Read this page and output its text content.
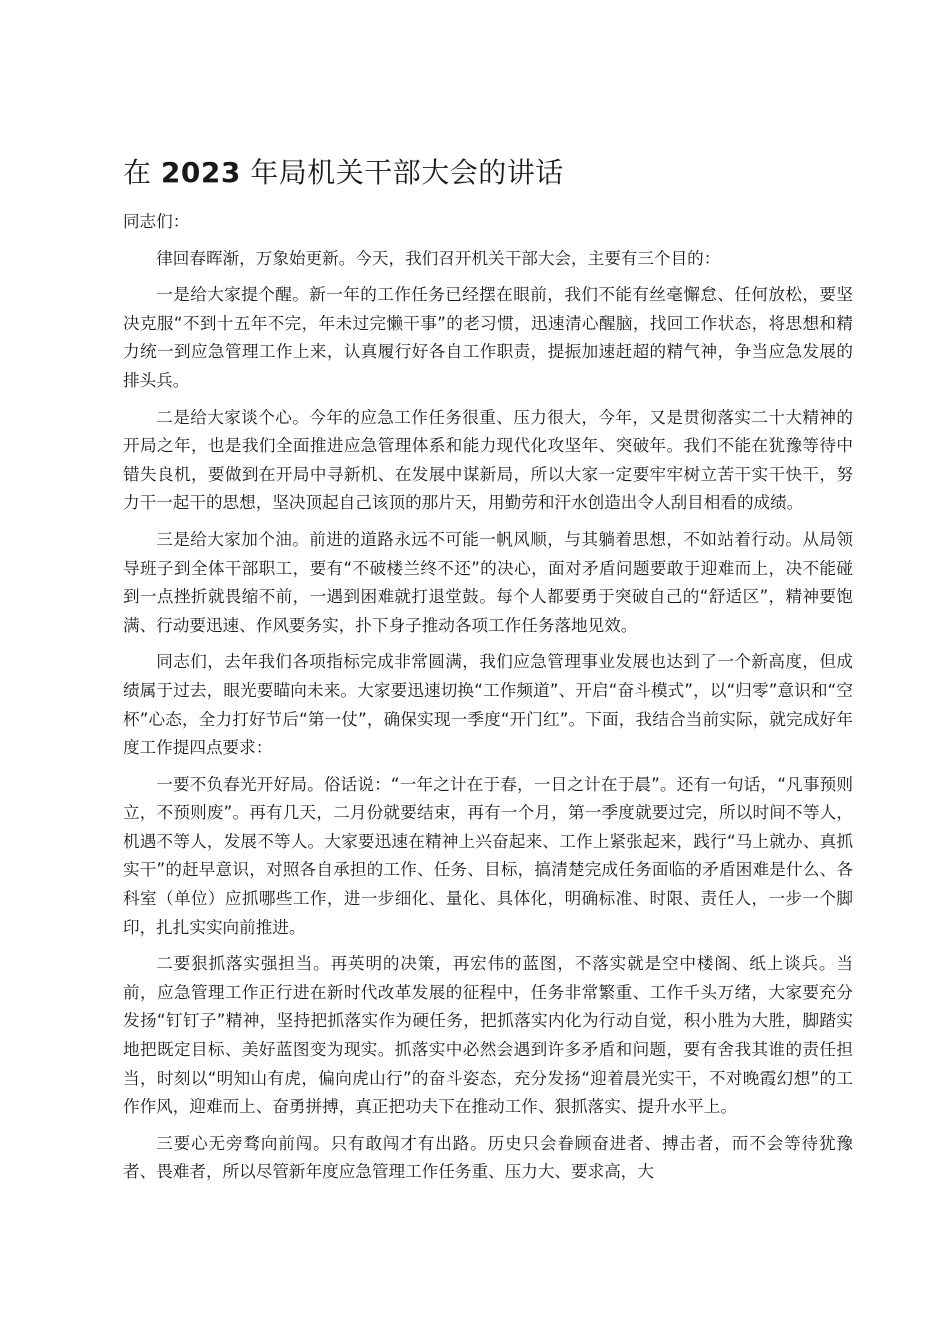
在 2023 年局机关干部大会的讲话

同志们：

律回春晖渐，万象始更新。今天，我们召开机关干部大会，主要有三个目的：

一是给大家提个醒。新一年的工作任务已经摆在眼前，我们不能有丝毫懈怠、任何放松，要坚决克服“不到十五年不完，年未过完懒干事”的老习惯，迅速清心醒脑，找回工作状态，将思想和精力统一到应急管理工作上来，认真履行好各自工作职责，提振加速赶超的精气神，争当应急发展的排头兵。

二是给大家谈个心。今年的应急工作任务很重、压力很大，今年，又是贯彻落实二十大精神的开局之年，也是我们全面推进应急管理体系和能力现代化攻坚年、突破年。我们不能在犹豫等待中错失良机，要做到在开局中寻新机、在发展中谋新局，所以大家一定要牢牢树立苦干实干快干，努力干一起干的思想，坚决顶起自己该顶的那片天，用勤劳和汗水创造出令人刮目相看的成绩。

三是给大家加个油。前进的道路永远不可能一帆风顺，与其躺着思想，不如站着行动。从局领导班子到全体干部职工，要有“不破楼兰终不还”的决心，面对矛盾问题要敢于迎难而上，决不能碰到一点挫折就畏缩不前，一遇到困难就打退堂鼓。每个人都要勇于突破自己的“舒适区”，精神要饱满、行动要迅速、作风要务实，扑下身子推动各项工作任务落地见效。

同志们，去年我们各项指标完成非常圆满，我们应急管理事业发展也达到了一个新高度，但成绩属于过去，眼光要瞄向未来。大家要迅速切换“工作频道”、开启“奋斗模式”，以“归零”意识和“空杯”心态，全力打好节后“第一仗”，确保实现一季度“开门红”。下面，我结合当前实际，就完成好年度工作提四点要求：

一要不负春光开好局。俗话说：“一年之计在于春，一日之计在于晨”。还有一句话，“凡事预则立，不预则废”。再有几天，二月份就要结束，再有一个月，第一季度就要过完，所以时间不等人，机遇不等人，发展不等人。大家要迅速在精神上兴奋起来、工作上紧张起来，践行“马上就办、真抓实干”的赶早意识，对照各自承担的工作、任务、目标，搞清楚完成任务面临的矛盾困难是什么、各科室（单位）应抓哪些工作，进一步细化、量化、具体化，明确标准、时限、责任人，一步一个脚印，扎扎实实向前推进。

二要狠抓落实强担当。再英明的决策，再宏伟的蓝图，不落实就是空中楼阁、纸上谈兵。当前，应急管理工作正行进在新时代改革发展的征程中，任务非常繁重、工作千头万绪，大家要充分发扬“钉钉子”精神，坚持把抓落实作为硬任务，把抓落实内化为行动自觉，积小胜为大胜，脚踏实地把既定目标、美好蓝图变为现实。抓落实中必然会遇到许多矛盾和问题，要有舍我其谁的责任担当，时刻以“明知山有虎，偏向虎山行”的奋斗姿态，充分发扬“迎着晨光实干，不对晚霞幻想”的工作作风，迎难而上、奋勇拼搏，真正把功夫下在推动工作、狠抓落实、提升水平上。

三要心无旁骛向前闯。只有敢闯才有出路。历史只会眷顾奋进者、搏击者，而不会等待犹豫者、畏难者，所以尽管新年度应急管理工作任务重、压力大、要求高，大
